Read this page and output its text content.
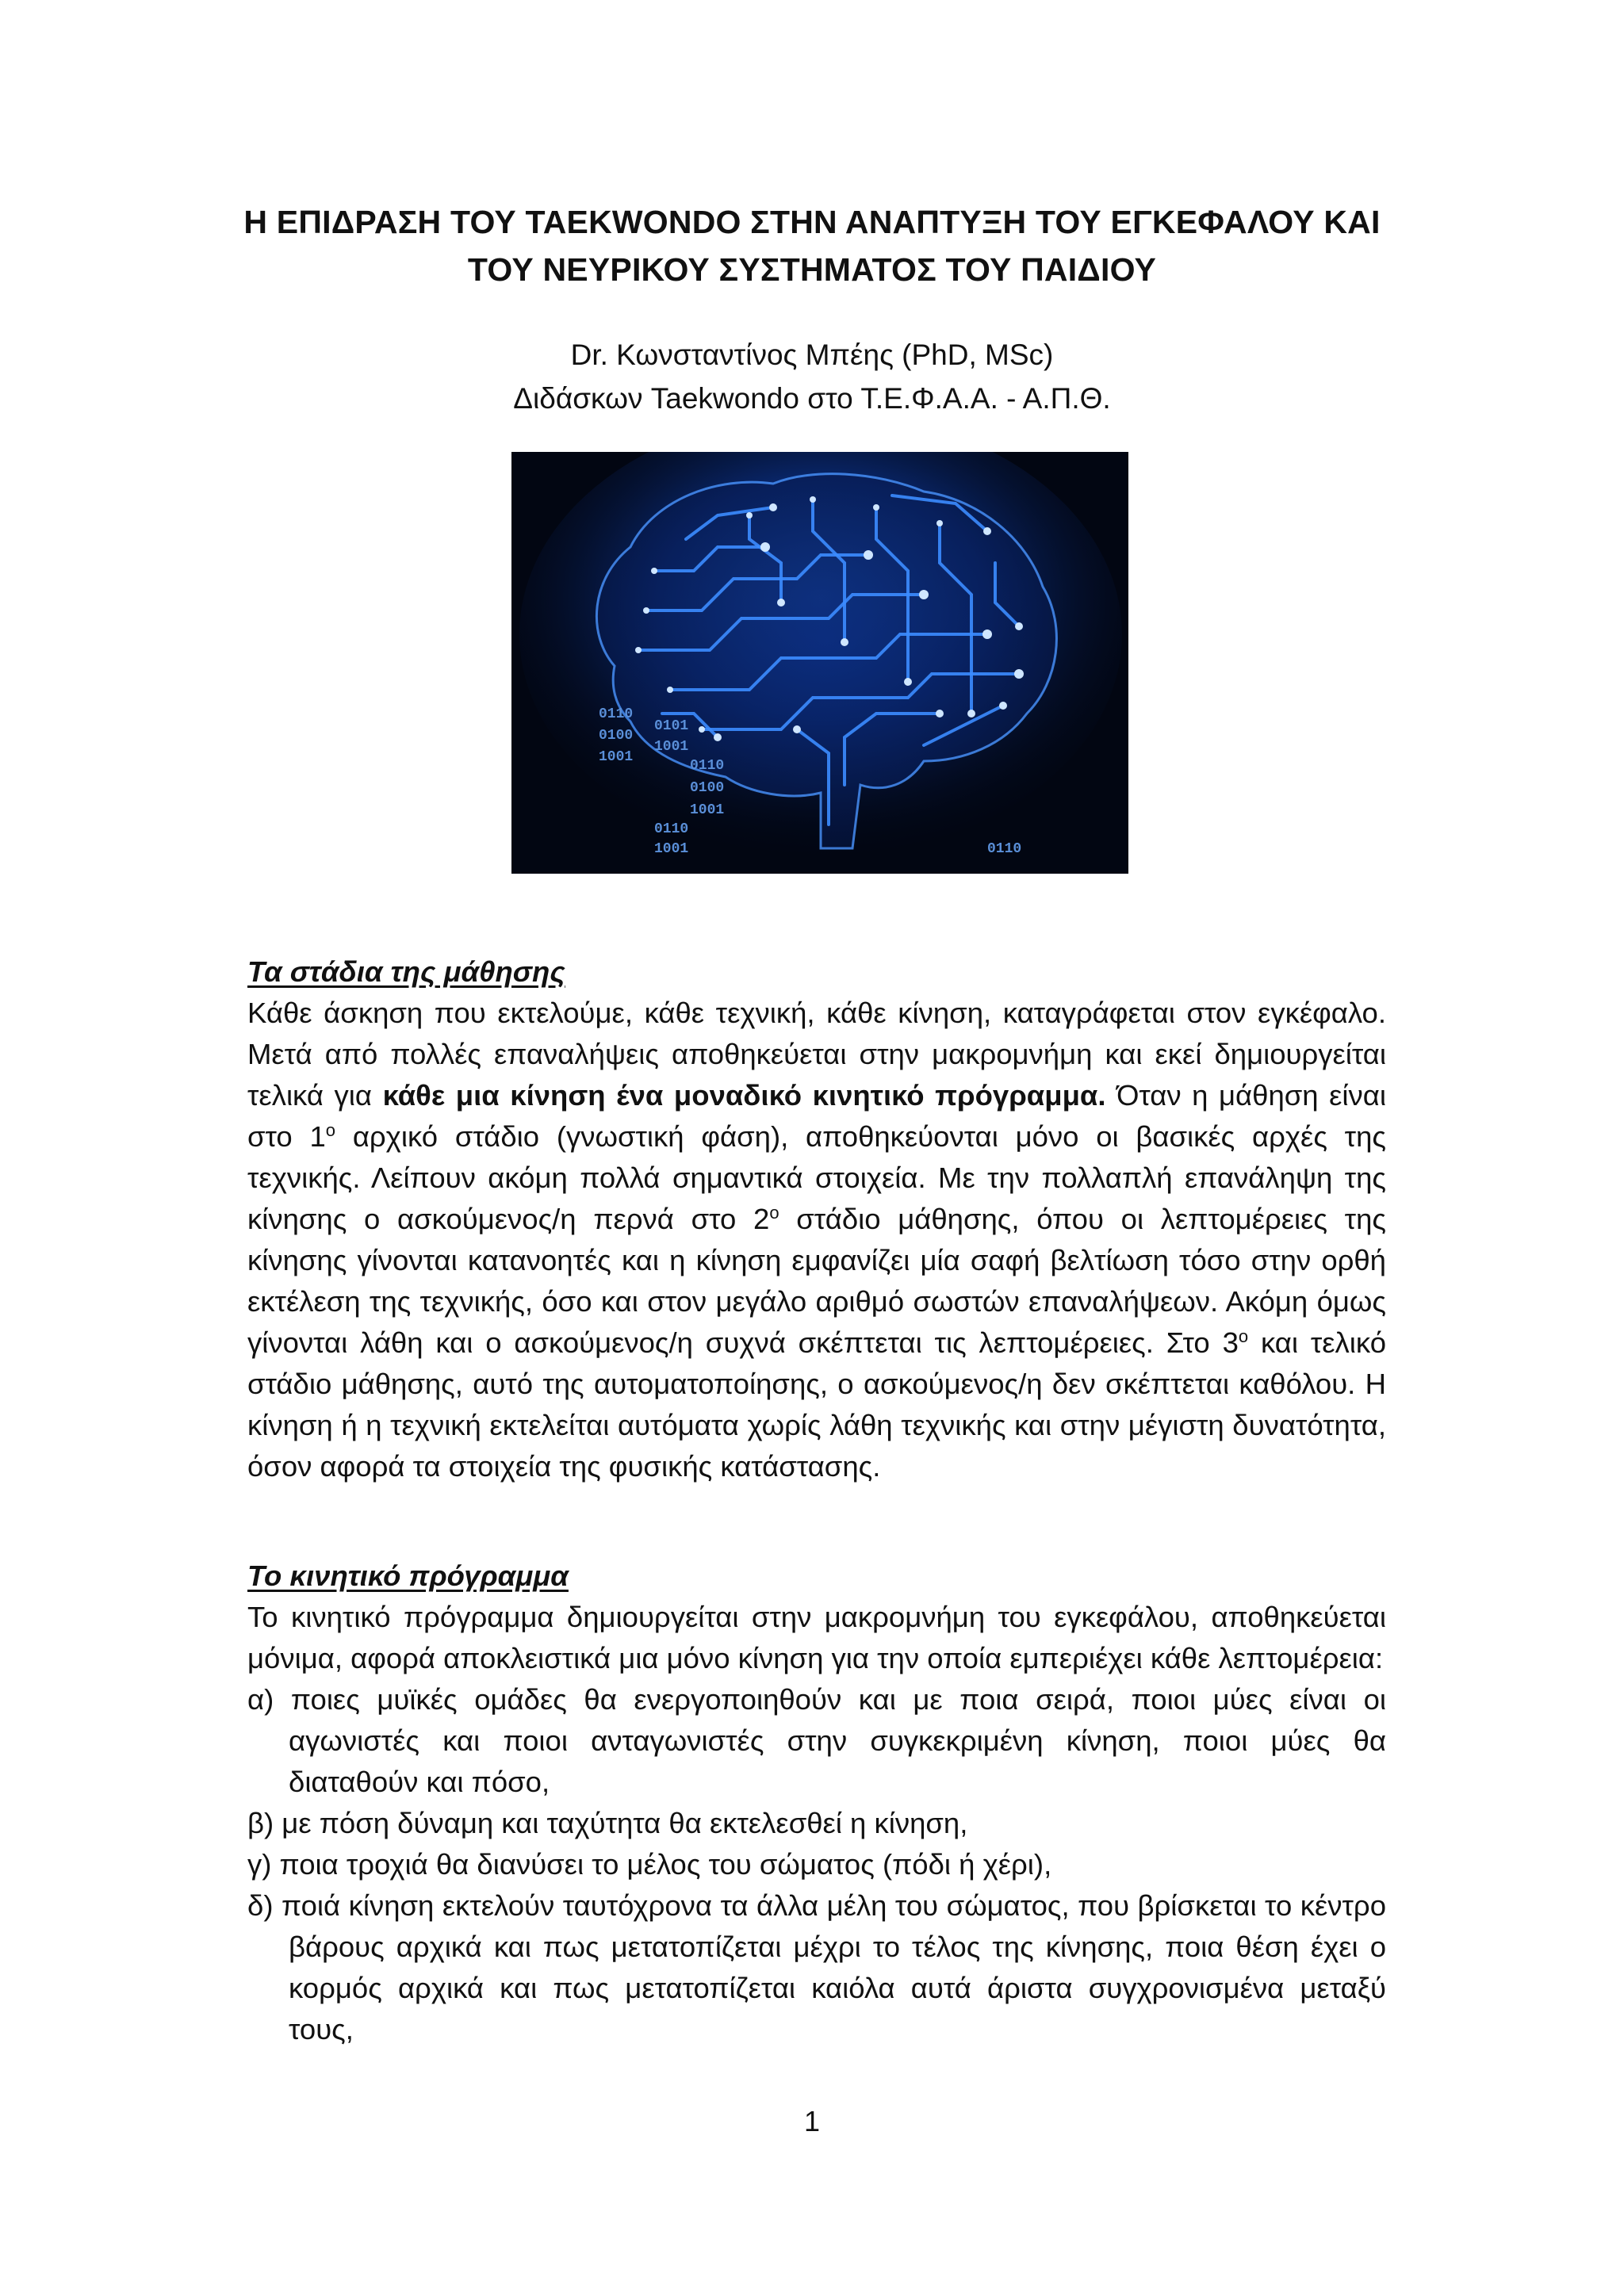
Η ΕΠΙΔΡΑΣΗ ΤΟΥ TAEKWONDO ΣΤΗΝ ΑΝΑΠΤΥΞΗ ΤΟΥ ΕΓΚΕΦΑΛΟΥ ΚΑΙ
ΤΟΥ ΝΕΥΡΙΚΟΥ ΣΥΣΤΗΜΑΤΟΣ ΤΟΥ ΠΑΙΔΙΟΥ
Dr. Κωνσταντίνος Μπέης (PhD, MSc)
Διδάσκων Taekwondo στο Τ.Ε.Φ.Α.Α. - Α.Π.Θ.
0110
0100
1001
0101
1001
0110
0100
1001
0110
1001	0110
Τα στάδια της μάθησης
Κάθε άσκηση που εκτελούμε, κάθε τεχνική, κάθε κίνηση, καταγράφεται στον εγκέφαλο. Μετά από πολλές επαναλήψεις αποθηκεύεται στην μακρομνήμη και εκεί δημιουργείται τελικά για κάθε μια κίνηση ένα μοναδικό κινητικό πρόγραμμα. Όταν η μάθηση είναι στο $1^o$ αρχικό στάδιο (γνωστική φάση), αποθηκεύονται μόνο οι βασικές αρχές της τεχνικής. Λείπουν ακόμη πολλά σημαντικά στοιχεία. Με την πολλαπλή επανάληψη της κίνησης ο ασκούμενος/η περνά στο $2^o$ στάδιο μάθησης, όπου οι λεπτομέρειες της κίνησης γίνονται κατανοητές και η κίνηση εμφανίζει μία σαφή βελτίωση τόσο στην ορθή εκτέλεση της τεχνικής, όσο και στον μεγάλο αριθμό σωστών επαναλήψεων. Ακόμη όμως γίνονται λάθη και ο ασκούμενος/η συχνά σκέπτεται τις λεπτομέρειες. Στο $3^o$ και τελικό στάδιο μάθησης, αυτό της αυτοματοποίησης, ο ασκούμενος/η δεν σκέπτεται καθόλου. Η κίνηση ή η τεχνική εκτελείται αυτόματα χωρίς λάθη τεχνικής και στην μέγιστη δυνατότητα, όσον αφορά τα στοιχεία της φυσικής κατάστασης.
Το κινητικό πρόγραμμα
Το κινητικό πρόγραμμα δημιουργείται στην μακρομνήμη του εγκεφάλου, αποθηκεύεται μόνιμα, αφορά αποκλειστικά μια μόνο κίνηση για την οποία εμπεριέχει κάθε λεπτομέρεια:
α) ποιες μυϊκές ομάδες θα ενεργοποιηθούν και με ποια σειρά, ποιοι μύες είναι οι αγωνιστές και ποιοι ανταγωνιστές στην συγκεκριμένη κίνηση, ποιοι μύες θα διαταθούν και πόσο,
β) με πόση δύναμη και ταχύτητα θα εκτελεσθεί η κίνηση,
γ) ποια τροχιά θα διανύσει το μέλος του σώματος (πόδι ή χέρι),
δ) ποιά κίνηση εκτελούν ταυτόχρονα τα άλλα μέλη του σώματος, που βρίσκεται το κέντρο βάρους αρχικά και πως μετατοπίζεται μέχρι το τέλος της κίνησης, ποια θέση έχει ο κορμός αρχικά και πως μετατοπίζεται καιόλα αυτά άριστα συγχρονισμένα μεταξύ τους,
1
